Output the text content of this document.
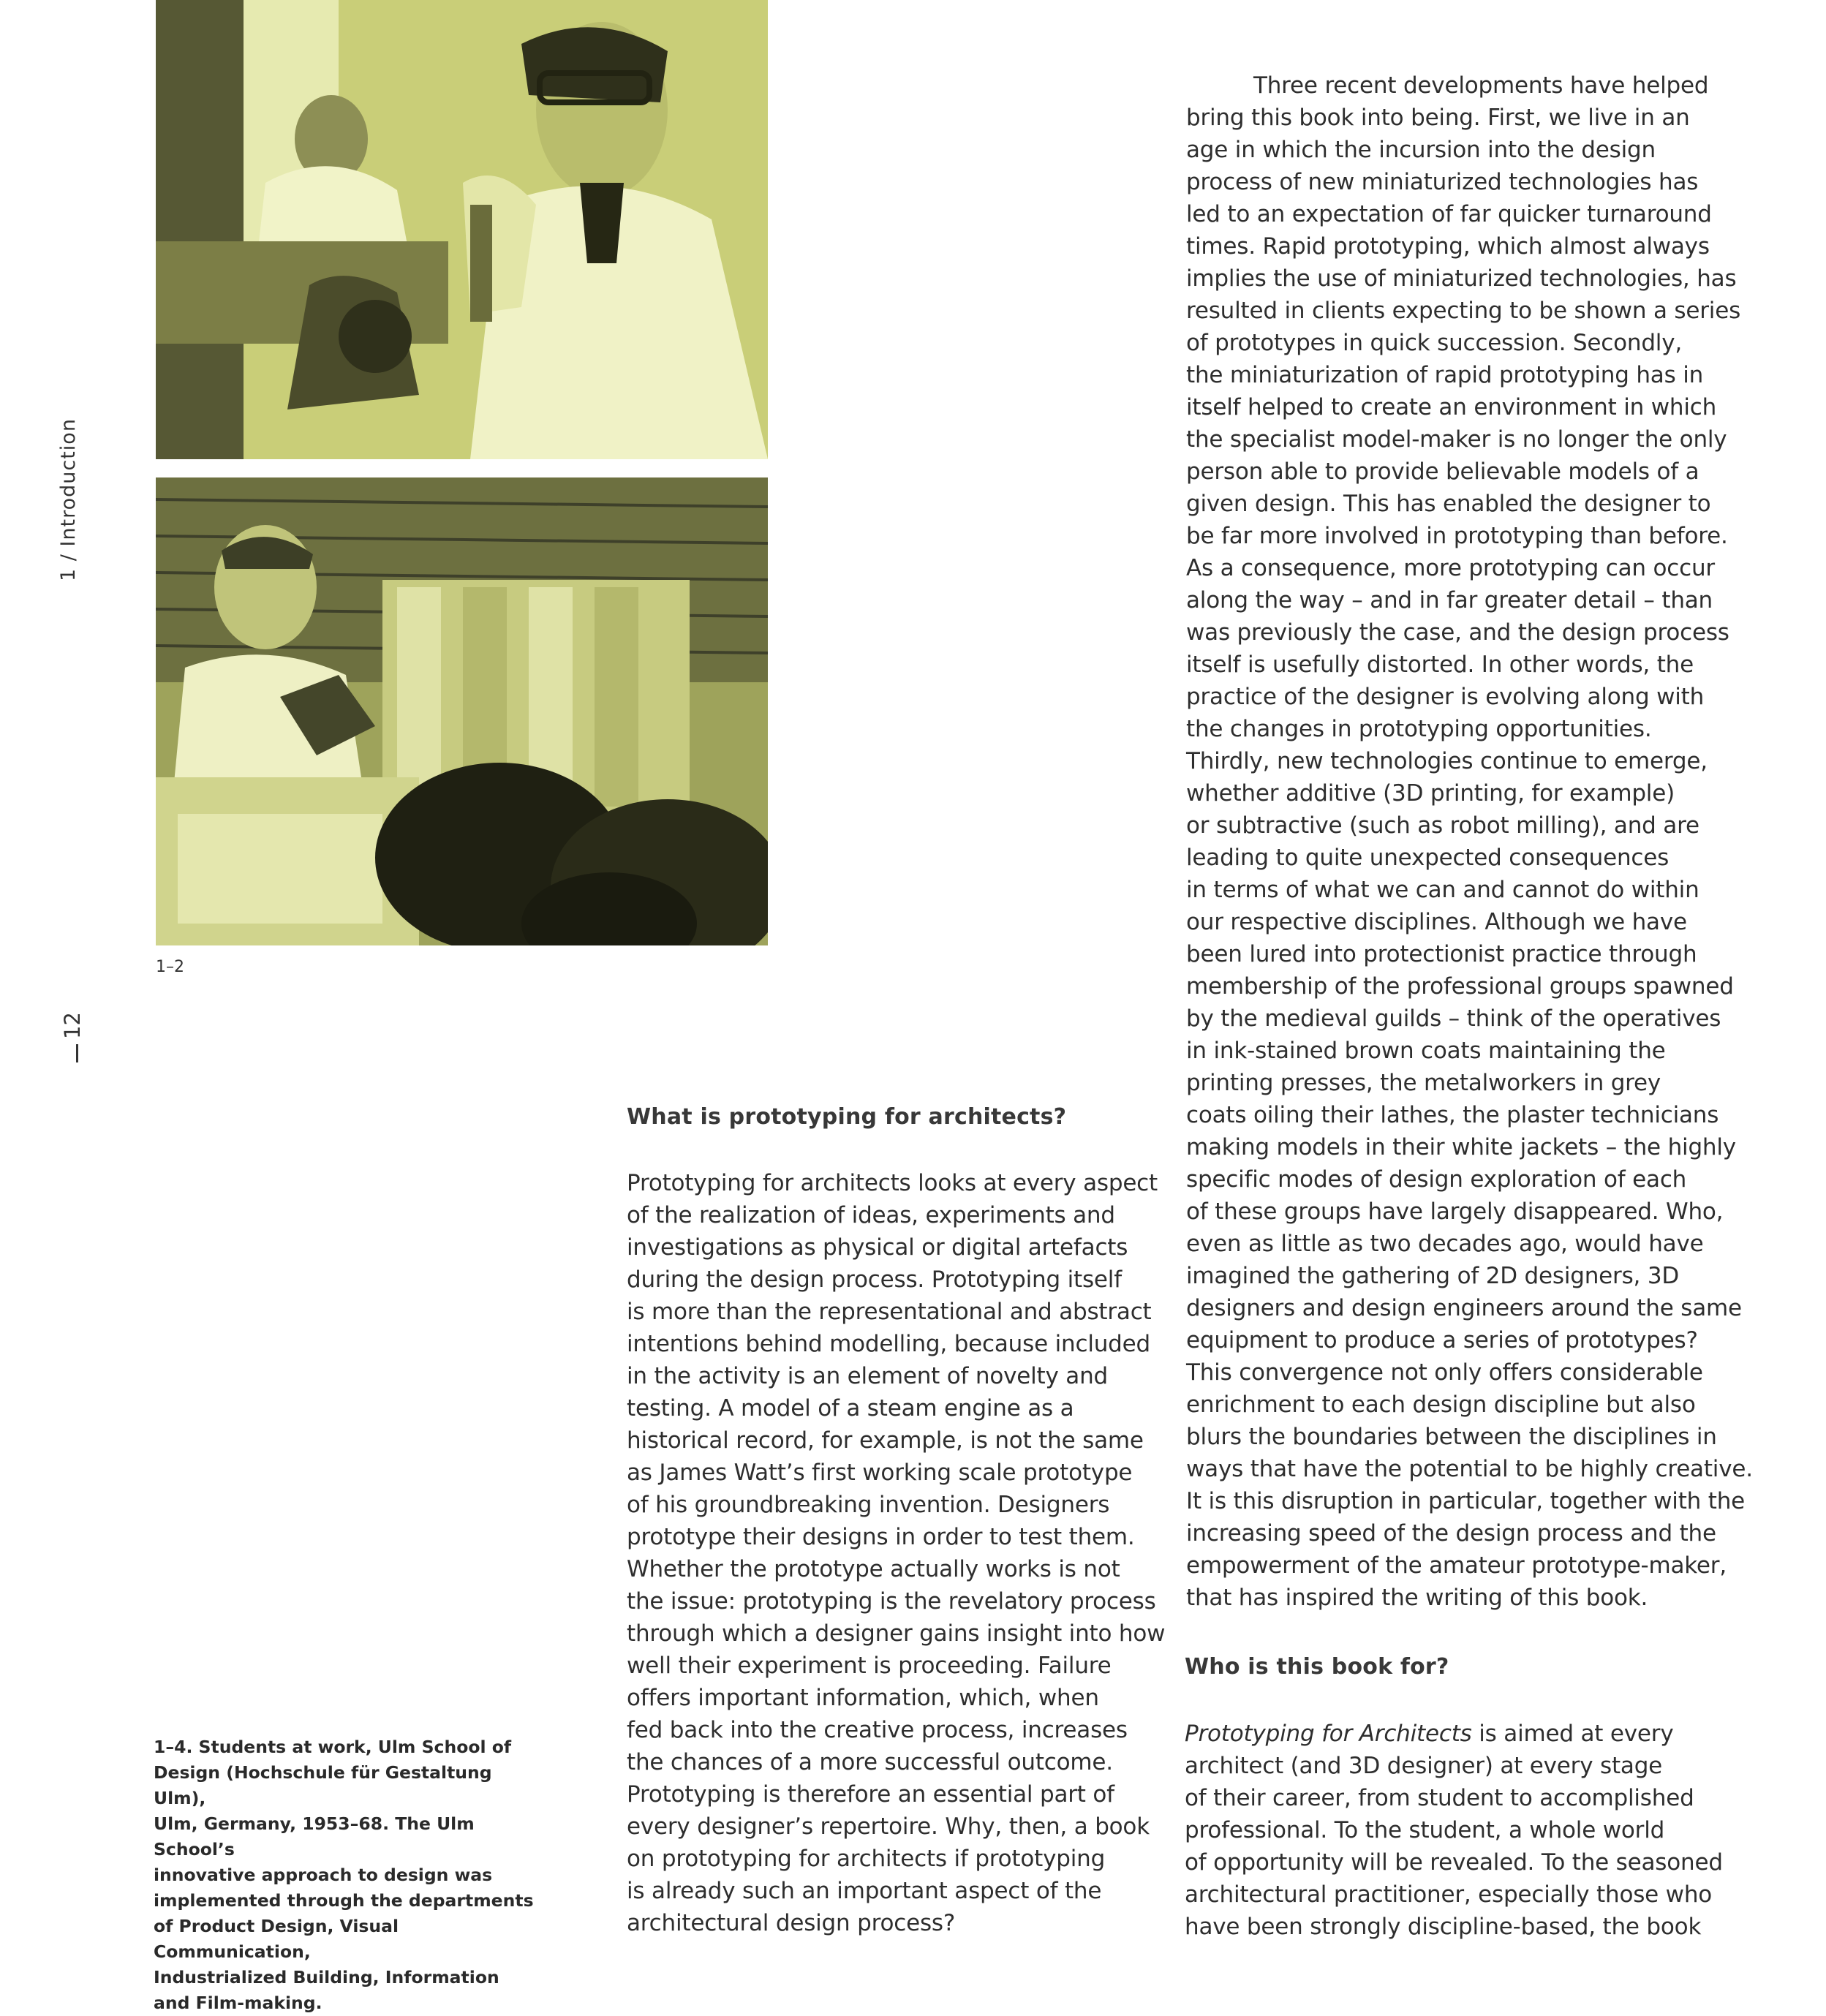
1 / Introduction
12
1–2

1–4. Students at work, Ulm School of

Design (Hochschule für Gestaltung Ulm),

Ulm, Germany, 1953–68. The Ulm School’s

innovative approach to design was

implemented through the departments

of Product Design, Visual Communication,

Industrialized Building, Information

and Film-making.

What is prototyping for architects?
Prototyping for architects looks at every aspect
of the realization of ideas, experiments and
investigations as physical or digital artefacts
during the design process. Prototyping itself
is more than the representational and abstract
intentions behind modelling, because included
in the activity is an element of novelty and
testing. A model of a steam engine as a
historical record, for example, is not the same
as James Watt’s first working scale prototype
of his groundbreaking invention. Designers
prototype their designs in order to test them.
Whether the prototype actually works is not
the issue: prototyping is the revelatory process
through which a designer gains insight into how
well their experiment is proceeding. Failure
offers important information, which, when
fed back into the creative process, increases
the chances of a more successful outcome.
Prototyping is therefore an essential part of
every designer’s repertoire. Why, then, a book
on prototyping for architects if prototyping
is already such an important aspect of the
architectural design process?
Three recent developments have helped
bring this book into being. First, we live in an
age in which the incursion into the design
process of new miniaturized technologies has
led to an expectation of far quicker turnaround
times. Rapid prototyping, which almost always
implies the use of miniaturized technologies, has
resulted in clients expecting to be shown a series
of prototypes in quick succession. Secondly,
the miniaturization of rapid prototyping has in
itself helped to create an environment in which
the specialist model-maker is no longer the only
person able to provide believable models of a
given design. This has enabled the designer to
be far more involved in prototyping than before.
As a consequence, more prototyping can occur
along the way – and in far greater detail – than
was previously the case, and the design process
itself is usefully distorted. In other words, the
practice of the designer is evolving along with
the changes in prototyping opportunities.
Thirdly, new technologies continue to emerge,
whether additive (3D printing, for example)
or subtractive (such as robot milling), and are
leading to quite unexpected consequences
in terms of what we can and cannot do within
our respective disciplines. Although we have
been lured into protectionist practice through
membership of the professional groups spawned
by the medieval guilds – think of the operatives
in ink-stained brown coats maintaining the
printing presses, the metalworkers in grey
coats oiling their lathes, the plaster technicians
making models in their white jackets – the highly
specific modes of design exploration of each
of these groups have largely disappeared. Who,
even as little as two decades ago, would have
imagined the gathering of 2D designers, 3D
designers and design engineers around the same
equipment to produce a series of prototypes?
This convergence not only offers considerable
enrichment to each design discipline but also
blurs the boundaries between the disciplines in
ways that have the potential to be highly creative.
It is this disruption in particular, together with the
increasing speed of the design process and the
empowerment of the amateur prototype-maker,
that has inspired the writing of this book.
Who is this book for?
Prototyping for Architects is aimed at every
architect (and 3D designer) at every stage
of their career, from student to accomplished
professional. To the student, a whole world
of opportunity will be revealed. To the seasoned
architectural practitioner, especially those who
have been strongly discipline-based, the book
